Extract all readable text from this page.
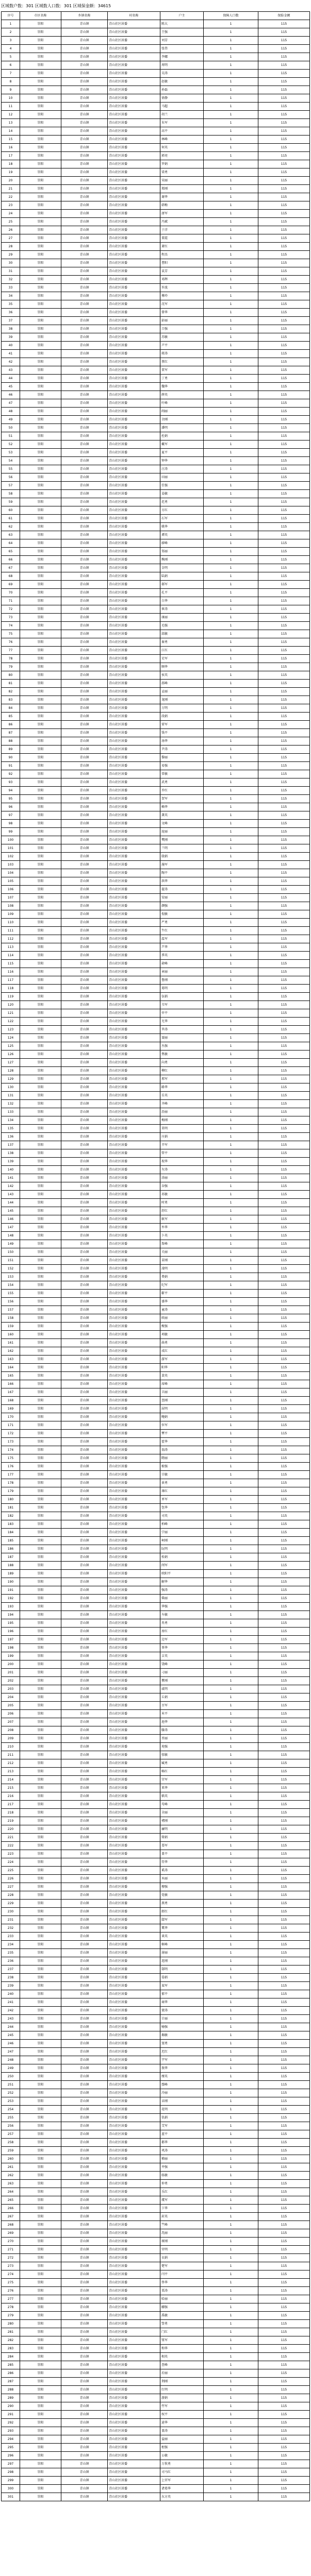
区域数户数：301 区域数人口数：301 区域保金额：34615
序号	市区名称	乡镇名称	村名称	户主	保障人口数	保险金额
1	崇阳	青山镇	青山社区居委	陈大	1	115
2	崇阳	青山镇	青山社区居委	王强	1	115
3	崇阳	青山镇	青山社区居委	刘芳	1	115
4	崇阳	青山镇	青山社区居委	张伟	1	115
5	崇阳	青山镇	青山社区居委	李娜	1	115
6	崇阳	青山镇	青山社区居委	周明	1	115
7	崇阳	青山镇	青山社区居委	吴涛	1	115
8	崇阳	青山镇	青山社区居委	赵敏	1	115
9	崇阳	青山镇	青山社区居委	孙磊	1	115
10	崇阳	青山镇	青山社区居委	徐静	1	115
11	崇阳	青山镇	青山社区居委	马超	1	115
12	崇阳	青山镇	青山社区居委	胡兰	1	115
13	崇阳	青山镇	青山社区居委	朱军	1	115
14	崇阳	青山镇	青山社区居委	高平	1	115
15	崇阳	青山镇	青山社区居委	林峰	1	115
16	崇阳	青山镇	青山社区居委	何英	1	115
17	崇阳	青山镇	青山社区居委	郭亮	1	115
18	崇阳	青山镇	青山社区居委	罗娟	1	115
19	崇阳	青山镇	青山社区居委	梁勇	1	115
20	崇阳	青山镇	青山社区居委	宋丽	1	115
21	崇阳	青山镇	青山社区居委	郑刚	1	115
22	崇阳	青山镇	青山社区居委	谢华	1	115
23	崇阳	青山镇	青山社区居委	韩梅	1	115
24	崇阳	青山镇	青山社区居委	唐军	1	115
25	崇阳	青山镇	青山社区居委	冯斌	1	115
26	崇阳	青山镇	青山社区居委	于洋	1	115
27	崇阳	青山镇	青山社区居委	董霞	1	115
28	崇阳	青山镇	青山社区居委	萧红	1	115
29	崇阳	青山镇	青山社区居委	程杰	1	115
30	崇阳	青山镇	青山社区居委	曹阳	1	115
31	崇阳	青山镇	青山社区居委	袁芳	1	115
32	崇阳	青山镇	青山社区居委	邓辉	1	115
33	崇阳	青山镇	青山社区居委	许波	1	115
34	崇阳	青山镇	青山社区居委	傅玲	1	115
35	崇阳	青山镇	青山社区居委	沈军	1	115
36	崇阳	青山镇	青山社区居委	曾华	1	115
37	崇阳	青山镇	青山社区居委	彭丽	1	115
38	崇阳	青山镇	青山社区居委	吕强	1	115
39	崇阳	青山镇	青山社区居委	苏敏	1	115
40	崇阳	青山镇	青山社区居委	卢平	1	115
41	崇阳	青山镇	青山社区居委	蒋涛	1	115
42	崇阳	青山镇	青山社区居委	蔡红	1	115
43	崇阳	青山镇	青山社区居委	贾军	1	115
44	崇阳	青山镇	青山社区居委	丁勇	1	115
45	崇阳	青山镇	青山社区居委	魏华	1	115
46	崇阳	青山镇	青山社区居委	薛英	1	115
47	崇阳	青山镇	青山社区居委	叶峰	1	115
48	崇阳	青山镇	青山社区居委	阎丽	1	115
49	崇阳	青山镇	青山社区居委	余刚	1	115
50	崇阳	青山镇	青山社区居委	潘明	1	115
51	崇阳	青山镇	青山社区居委	杜娟	1	115
52	崇阳	青山镇	青山社区居委	戴军	1	115
53	崇阳	青山镇	青山社区居委	夏平	1	115
54	崇阳	青山镇	青山社区居委	钟华	1	115
55	崇阳	青山镇	青山社区居委	汪涛	1	115
56	崇阳	青山镇	青山社区居委	田丽	1	115
57	崇阳	青山镇	青山社区居委	任强	1	115
58	崇阳	青山镇	青山社区居委	姜敏	1	115
59	崇阳	青山镇	青山社区居委	范勇	1	115
60	崇阳	青山镇	青山社区居委	方红	1	115
61	崇阳	青山镇	青山社区居委	石军	1	115
62	崇阳	青山镇	青山社区居委	姚华	1	115
63	崇阳	青山镇	青山社区居委	谭英	1	115
64	崇阳	青山镇	青山社区居委	廖峰	1	115
65	崇阳	青山镇	青山社区居委	邹丽	1	115
66	崇阳	青山镇	青山社区居委	熊刚	1	115
67	崇阳	青山镇	青山社区居委	金明	1	115
68	崇阳	青山镇	青山社区居委	陆娟	1	115
69	崇阳	青山镇	青山社区居委	郝军	1	115
70	崇阳	青山镇	青山社区居委	孔平	1	115
71	崇阳	青山镇	青山社区居委	白华	1	115
72	崇阳	青山镇	青山社区居委	崔涛	1	115
73	崇阳	青山镇	青山社区居委	康丽	1	115
74	崇阳	青山镇	青山社区居委	毛强	1	115
75	崇阳	青山镇	青山社区居委	邱敏	1	115
76	崇阳	青山镇	青山社区居委	秦勇	1	115
77	崇阳	青山镇	青山社区居委	江红	1	115
78	崇阳	青山镇	青山社区居委	史军	1	115
79	崇阳	青山镇	青山社区居委	顾华	1	115
80	崇阳	青山镇	青山社区居委	侯英	1	115
81	崇阳	青山镇	青山社区居委	邵峰	1	115
82	崇阳	青山镇	青山社区居委	孟丽	1	115
83	崇阳	青山镇	青山社区居委	龙刚	1	115
84	崇阳	青山镇	青山社区居委	万明	1	115
85	崇阳	青山镇	青山社区居委	段娟	1	115
86	崇阳	青山镇	青山社区居委	雷军	1	115
87	崇阳	青山镇	青山社区居委	钱平	1	115
88	崇阳	青山镇	青山社区居委	汤华	1	115
89	崇阳	青山镇	青山社区居委	尹涛	1	115
90	崇阳	青山镇	青山社区居委	黎丽	1	115
91	崇阳	青山镇	青山社区居委	易强	1	115
92	崇阳	青山镇	青山社区居委	常敏	1	115
93	崇阳	青山镇	青山社区居委	武勇	1	115
94	崇阳	青山镇	青山社区居委	乔红	1	115
95	崇阳	青山镇	青山社区居委	贺军	1	115
96	崇阳	青山镇	青山社区居委	赖华	1	115
97	崇阳	青山镇	青山社区居委	龚英	1	115
98	崇阳	青山镇	青山社区居委	文峰	1	115
99	崇阳	青山镇	青山社区居委	庞丽	1	115
100	崇阳	青山镇	青山社区居委	樊刚	1	115
101	崇阳	青山镇	青山社区居委	兰明	1	115
102	崇阳	青山镇	青山社区居委	殷娟	1	115
103	崇阳	青山镇	青山社区居委	施军	1	115
104	崇阳	青山镇	青山社区居委	陶平	1	115
105	崇阳	青山镇	青山社区居委	洪华	1	115
106	崇阳	青山镇	青山社区居委	翟涛	1	115
107	崇阳	青山镇	青山社区居委	安丽	1	115
108	崇阳	青山镇	青山社区居委	颜强	1	115
109	崇阳	青山镇	青山社区居委	倪敏	1	115
110	崇阳	青山镇	青山社区居委	严勇	1	115
111	崇阳	青山镇	青山社区居委	牛红	1	115
112	崇阳	青山镇	青山社区居委	温军	1	115
113	崇阳	青山镇	青山社区居委	芦华	1	115
114	崇阳	青山镇	青山社区居委	季英	1	115
115	崇阳	青山镇	青山社区居委	俞峰	1	115
116	崇阳	青山镇	青山社区居委	章丽	1	115
117	崇阳	青山镇	青山社区居委	鲁刚	1	115
118	崇阳	青山镇	青山社区居委	葛明	1	115
119	崇阳	青山镇	青山社区居委	伍娟	1	115
120	崇阳	青山镇	青山社区居委	韦军	1	115
121	崇阳	青山镇	青山社区居委	申平	1	115
122	崇阳	青山镇	青山社区居委	尤华	1	115
123	崇阳	青山镇	青山社区居委	毕涛	1	115
124	崇阳	青山镇	青山社区居委	聂丽	1	115
125	崇阳	青山镇	青山社区居委	丛强	1	115
126	崇阳	青山镇	青山社区居委	焦敏	1	115
127	崇阳	青山镇	青山社区居委	向勇	1	115
128	崇阳	青山镇	青山社区居委	柳红	1	115
129	崇阳	青山镇	青山社区居委	邢军	1	115
130	崇阳	青山镇	青山社区居委	路华	1	115
131	崇阳	青山镇	青山社区居委	岳英	1	115
132	崇阳	青山镇	青山社区居委	齐峰	1	115
133	崇阳	青山镇	青山社区居委	沿丽	1	115
134	崇阳	青山镇	青山社区居委	梅刚	1	115
135	崇阳	青山镇	青山社区居委	莫明	1	115
136	崇阳	青山镇	青山社区居委	庄娟	1	115
137	崇阳	青山镇	青山社区居委	辛军	1	115
138	崇阳	青山镇	青山社区居委	管平	1	115
139	崇阳	青山镇	青山社区居委	祝华	1	115
140	崇阳	青山镇	青山社区居委	左涛	1	115
141	崇阳	青山镇	青山社区居委	涂丽	1	115
142	崇阳	青山镇	青山社区居委	谷强	1	115
143	崇阳	青山镇	青山社区居委	祁敏	1	115
144	崇阳	青山镇	青山社区居委	时勇	1	115
145	崇阳	青山镇	青山社区居委	舒红	1	115
146	崇阳	青山镇	青山社区居委	耿军	1	115
147	崇阳	青山镇	青山社区居委	牟华	1	115
148	崇阳	青山镇	青山社区居委	卜英	1	115
149	崇阳	青山镇	青山社区居委	詹峰	1	115
150	崇阳	青山镇	青山社区居委	关丽	1	115
151	崇阳	青山镇	青山社区居委	苗刚	1	115
152	崇阳	青山镇	青山社区居委	凌明	1	115
153	崇阳	青山镇	青山社区居委	费娟	1	115
154	崇阳	青山镇	青山社区居委	纪军	1	115
155	崇阳	青山镇	青山社区居委	靳平	1	115
156	崇阳	青山镇	青山社区居委	盛华	1	115
157	崇阳	青山镇	青山社区居委	童涛	1	115
158	崇阳	青山镇	青山社区居委	欧丽	1	115
159	崇阳	青山镇	青山社区居委	甄强	1	115
160	崇阳	青山镇	青山社区居委	项敏	1	115
161	崇阳	青山镇	青山社区居委	曲勇	1	115
162	崇阳	青山镇	青山社区居委	成红	1	115
163	崇阳	青山镇	青山社区居委	游军	1	115
164	崇阳	青山镇	青山社区居委	阳华	1	115
165	崇阳	青山镇	青山社区居委	裴英	1	115
166	崇阳	青山镇	青山社区居委	席峰	1	115
167	崇阳	青山镇	青山社区居委	卫丽	1	115
168	崇阳	青山镇	青山社区居委	查刚	1	115
169	崇阳	青山镇	青山社区居委	屈明	1	115
170	崇阳	青山镇	青山社区居委	鲍娟	1	115
171	崇阳	青山镇	青山社区居委	位军	1	115
172	崇阳	青山镇	青山社区居委	覃平	1	115
173	崇阳	青山镇	青山社区居委	霍华	1	115
174	崇阳	青山镇	青山社区居委	翁涛	1	115
175	崇阳	青山镇	青山社区居委	隋丽	1	115
176	崇阳	青山镇	青山社区居委	植强	1	115
177	崇阳	青山镇	青山社区居委	甘敏	1	115
178	崇阳	青山镇	青山社区居委	景勇	1	115
179	崇阳	青山镇	青山社区居委	薄红	1	115
180	崇阳	青山镇	青山社区居委	单军	1	115
181	崇阳	青山镇	青山社区居委	包华	1	115
182	崇阳	青山镇	青山社区居委	司英	1	115
183	崇阳	青山镇	青山社区居委	柏峰	1	115
184	崇阳	青山镇	青山社区居委	宁丽	1	115
185	崇阳	青山镇	青山社区居委	柯刚	1	115
186	崇阳	青山镇	青山社区居委	阮明	1	115
187	崇阳	青山镇	青山社区居委	桂娟	1	115
188	崇阳	青山镇	青山社区居委	闵军	1	115
189	崇阳	青山镇	青山社区居委	欧阳平	1	115
190	崇阳	青山镇	青山社区居委	解华	1	115
191	崇阳	青山镇	青山社区居委	强涛	1	115
192	崇阳	青山镇	青山社区居委	柴丽	1	115
193	崇阳	青山镇	青山社区居委	华强	1	115
194	崇阳	青山镇	青山社区居委	车敏	1	115
195	崇阳	青山镇	青山社区居委	冉勇	1	115
196	崇阳	青山镇	青山社区居委	房红	1	115
197	崇阳	青山镇	青山社区居委	边军	1	115
198	崇阳	青山镇	青山社区居委	辜华	1	115
199	崇阳	青山镇	青山社区居委	吉英	1	115
200	崇阳	青山镇	青山社区居委	饶峰	1	115
201	崇阳	青山镇	青山社区居委	刁丽	1	115
202	崇阳	青山镇	青山社区居委	瞿刚	1	115
203	崇阳	青山镇	青山社区居委	戚明	1	115
204	崇阳	青山镇	青山社区居委	丘娟	1	115
205	崇阳	青山镇	青山社区居委	古军	1	115
206	崇阳	青山镇	青山社区居委	米平	1	115
207	崇阳	青山镇	青山社区居委	池华	1	115
208	崇阳	青山镇	青山社区居委	滕涛	1	115
209	崇阳	青山镇	青山社区居委	晋丽	1	115
210	崇阳	青山镇	青山社区居委	苑强	1	115
211	崇阳	青山镇	青山社区居委	邬敏	1	115
212	崇阳	青山镇	青山社区居委	臧勇	1	115
213	崇阳	青山镇	青山社区居委	畅红	1	115
214	崇阳	青山镇	青山社区居委	宫军	1	115
215	崇阳	青山镇	青山社区居委	来华	1	115
216	崇阳	青山镇	青山社区居委	嵇英	1	115
217	崇阳	青山镇	青山社区居委	苟峰	1	115
218	崇阳	青山镇	青山社区居委	全丽	1	115
219	崇阳	青山镇	青山社区居委	褚刚	1	115
220	崇阳	青山镇	青山社区居委	廉明	1	115
221	崇阳	青山镇	青山社区居委	简娟	1	115
222	崇阳	青山镇	青山社区居委	娄军	1	115
223	崇阳	青山镇	青山社区居委	盖平	1	115
224	崇阳	青山镇	青山社区居委	符华	1	115
225	崇阳	青山镇	青山社区居委	奚涛	1	115
226	崇阳	青山镇	青山社区居委	木丽	1	115
227	崇阳	青山镇	青山社区居委	穆强	1	115
228	崇阳	青山镇	青山社区居委	党敏	1	115
229	崇阳	青山镇	青山社区居委	燕勇	1	115
230	崇阳	青山镇	青山社区居委	郎红	1	115
231	崇阳	青山镇	青山社区居委	邸军	1	115
232	崇阳	青山镇	青山社区居委	冀华	1	115
233	崇阳	青山镇	青山社区居委	谈英	1	115
234	崇阳	青山镇	青山社区居委	姬峰	1	115
235	崇阳	青山镇	青山社区居委	屠丽	1	115
236	崇阳	青山镇	青山社区居委	连刚	1	115
237	崇阳	青山镇	青山社区居委	郜明	1	115
238	崇阳	青山镇	青山社区居委	晏娟	1	115
239	崇阳	青山镇	青山社区居委	栾军	1	115
240	崇阳	青山镇	青山社区居委	郁平	1	115
241	崇阳	青山镇	青山社区居委	商华	1	115
242	崇阳	青山镇	青山社区居委	蒙涛	1	115
243	崇阳	青山镇	青山社区居委	计丽	1	115
244	崇阳	青山镇	青山社区居委	喻强	1	115
245	崇阳	青山镇	青山社区居委	揭敏	1	115
246	崇阳	青山镇	青山社区居委	窦勇	1	115
247	崇阳	青山镇	青山社区居委	迟红	1	115
248	崇阳	青山镇	青山社区居委	宇军	1	115
249	崇阳	青山镇	青山社区居委	敖华	1	115
250	崇阳	青山镇	青山社区居委	糜英	1	115
251	崇阳	青山镇	青山社区居委	鄢峰	1	115
252	崇阳	青山镇	青山社区居委	冷丽	1	115
253	崇阳	青山镇	青山社区居委	卓刚	1	115
254	崇阳	青山镇	青山社区居委	花明	1	115
255	崇阳	青山镇	青山社区居委	仇娟	1	115
256	崇阳	青山镇	青山社区居委	艾军	1	115
257	崇阳	青山镇	青山社区居委	蓝平	1	115
258	崇阳	青山镇	青山社区居委	都华	1	115
259	崇阳	青山镇	青山社区居委	巩涛	1	115
260	崇阳	青山镇	青山社区居委	稽丽	1	115
261	崇阳	青山镇	青山社区居委	井强	1	115
262	崇阳	青山镇	青山社区居委	练敏	1	115
263	崇阳	青山镇	青山社区居委	仲勇	1	115
264	崇阳	青山镇	青山社区居委	乐红	1	115
265	崇阳	青山镇	青山社区居委	虞军	1	115
266	崇阳	青山镇	青山社区居委	卞华	1	115
267	崇阳	青山镇	青山社区居委	封英	1	115
268	崇阳	青山镇	青山社区居委	竺峰	1	115
269	崇阳	青山镇	青山社区居委	冼丽	1	115
270	崇阳	青山镇	青山社区居委	原刚	1	115
271	崇阳	青山镇	青山社区居委	官明	1	115
272	崇阳	青山镇	青山社区居委	衣娟	1	115
273	崇阳	青山镇	青山社区居委	楚军	1	115
274	崇阳	青山镇	青山社区居委	闫平	1	115
275	崇阳	青山镇	青山社区居委	佟华	1	115
276	崇阳	青山镇	青山社区居委	栗涛	1	115
277	崇阳	青山镇	青山社区居委	哈丽	1	115
278	崇阳	青山镇	青山社区居委	郦强	1	115
279	崇阳	青山镇	青山社区居委	禹敏	1	115
280	崇阳	青山镇	青山社区居委	訾勇	1	115
281	崇阳	青山镇	青山社区居委	门红	1	115
282	崇阳	青山镇	青山社区居委	钮军	1	115
283	崇阳	青山镇	青山社区居委	和华	1	115
284	崇阳	青山镇	青山社区居委	相英	1	115
285	崇阳	青山镇	青山社区居委	查峰	1	115
286	崇阳	青山镇	青山社区居委	后丽	1	115
287	崇阳	青山镇	青山社区居委	荆刚	1	115
288	崇阳	青山镇	青山社区居委	红明	1	115
289	崇阳	青山镇	青山社区居委	游娟	1	115
290	崇阳	青山镇	青山社区居委	竹军	1	115
291	崇阳	青山镇	青山社区居委	权平	1	115
292	崇阳	青山镇	青山社区居委	逯华	1	115
293	崇阳	青山镇	青山社区居委	盖涛	1	115
294	崇阳	青山镇	青山社区居委	益丽	1	115
295	崇阳	青山镇	青山社区居委	桓强	1	115
296	崇阳	青山镇	青山社区居委	公敏	1	115
297	崇阳	青山镇	青山社区居委	万俟勇	1	115
298	崇阳	青山镇	青山社区居委	司马红	1	115
299	崇阳	青山镇	青山社区居委	上官军	1	115
300	崇阳	青山镇	青山社区居委	诸葛华	1	115
301	崇阳	青山镇	青山社区居委	东方英	1	115
